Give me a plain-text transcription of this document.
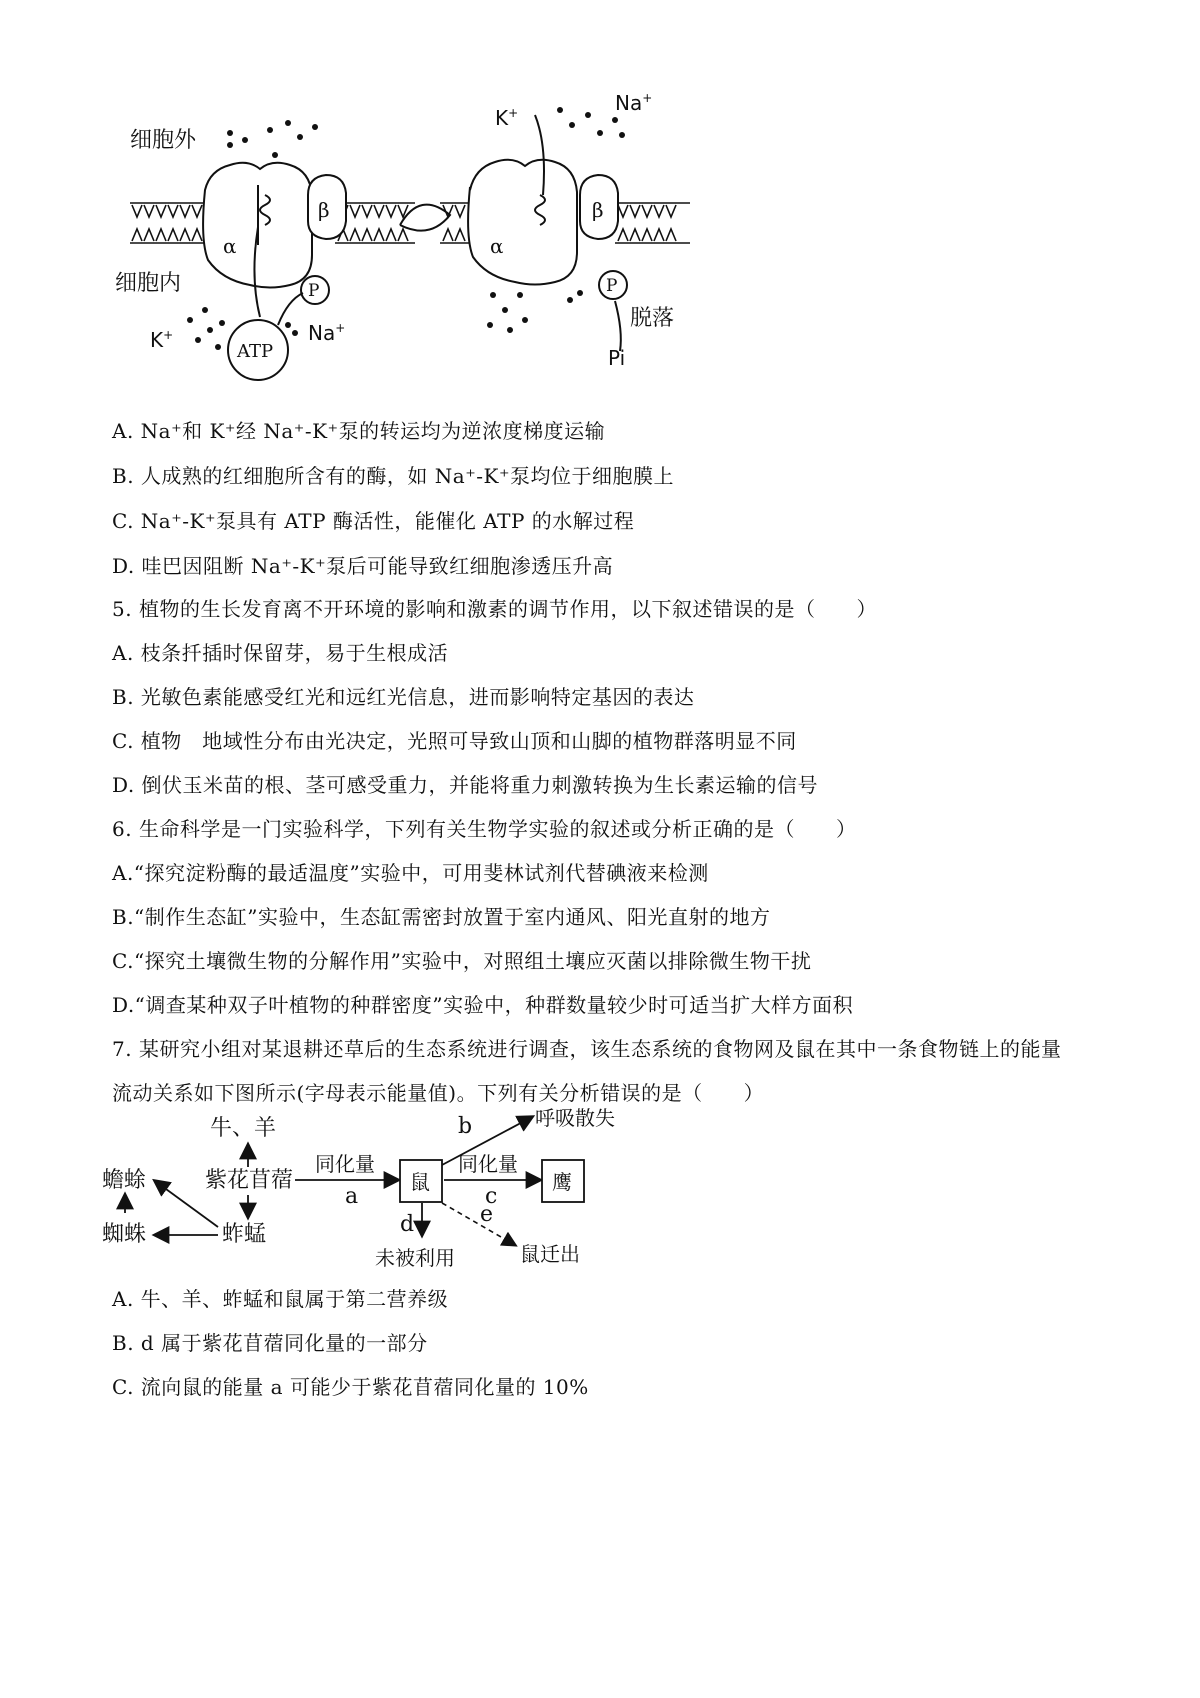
α
β
P
ATP
α
β
P
细胞外
细胞内
K+	Na+
K+	Na+
脱落
Pi
A. Na⁺和 K⁺经 Na⁺-K⁺泵的转运均为逆浓度梯度运输
B. 人成熟的红细胞所含有的酶，如 Na⁺-K⁺泵均位于细胞膜上
C. Na⁺-K⁺泵具有 ATP 酶活性，能催化 ATP 的水解过程
D. 哇巴因阻断 Na⁺-K⁺泵后可能导致红细胞渗透压升高
5. 植物的生长发育离不开环境的影响和激素的调节作用，以下叙述错误的是（　　）
A. 枝条扦插时保留芽，易于生根成活
B. 光敏色素能感受红光和远红光信息，进而影响特定基因的表达
C. 植物　地域性分布由光决定，光照可导致山顶和山脚的植物群落明显不同
D. 倒伏玉米苗的根、茎可感受重力，并能将重力刺激转换为生长素运输的信号
6. 生命科学是一门实验科学，下列有关生物学实验的叙述或分析正确的是（　　）
A.“探究淀粉酶的最适温度”实验中，可用斐林试剂代替碘液来检测
B.“制作生态缸”实验中，生态缸需密封放置于室内通风、阳光直射的地方
C.“探究土壤微生物的分解作用”实验中，对照组土壤应灭菌以排除微生物干扰
D.“调查某种双子叶植物的种群密度”实验中，种群数量较少时可适当扩大样方面积
7. 某研究小组对某退耕还草后的生态系统进行调查，该生态系统的食物网及鼠在其中一条食物链上的能量
流动关系如下图所示(字母表示能量值)。下列有关分析错误的是（　　）
牛、羊
紫花苜蓿
蟾蜍
蜘蛛	蚱蜢
同化量
a
鼠
同化量
c
鹰
b	呼吸散失
d
未被利用
e
鼠迁出
A. 牛、羊、蚱蜢和鼠属于第二营养级
B. d 属于紫花苜蓿同化量的一部分
C. 流向鼠的能量 a 可能少于紫花苜蓿同化量的 10%
